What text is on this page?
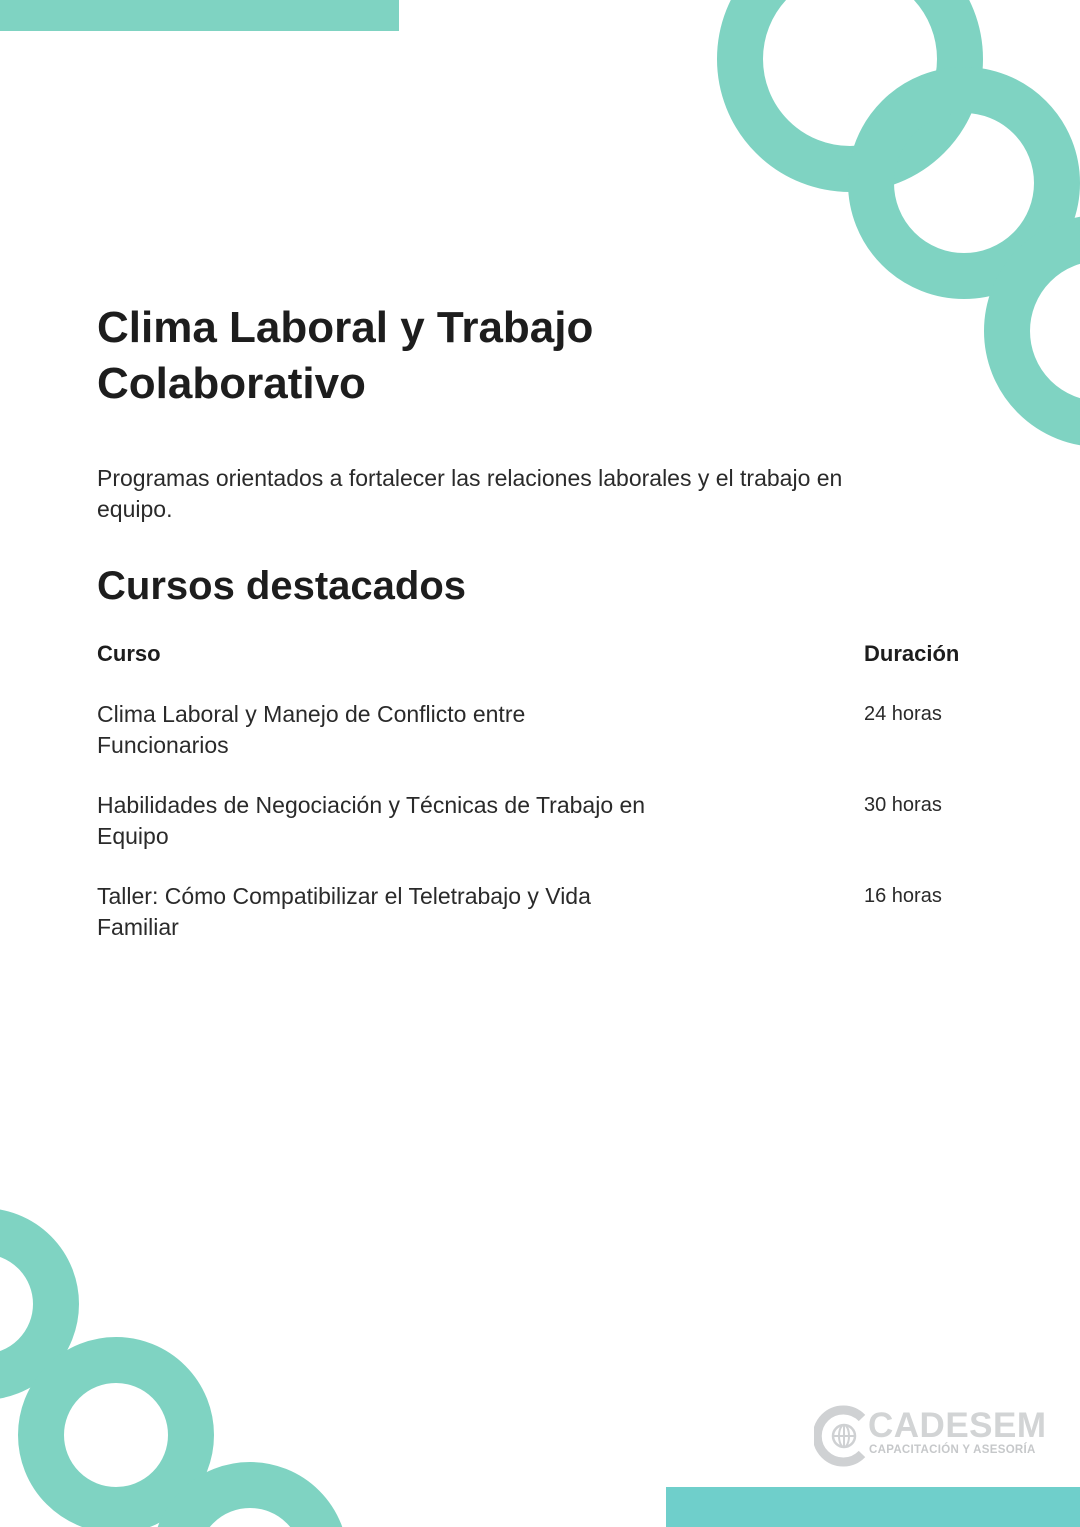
Clima Laboral y Trabajo Colaborativo

Programas orientados a fortalecer las relaciones laborales y el trabajo en equipo.

Cursos destacados
Curso	Duración
Clima Laboral y Manejo de Conflicto entre Funcionarios
24 horas
Habilidades de Negociación y Técnicas de Trabajo en Equipo
30 horas
Taller: Cómo Compatibilizar el Teletrabajo y Vida Familiar
16 horas
CADESEM
CAPACITACIÓN Y ASESORÍA
